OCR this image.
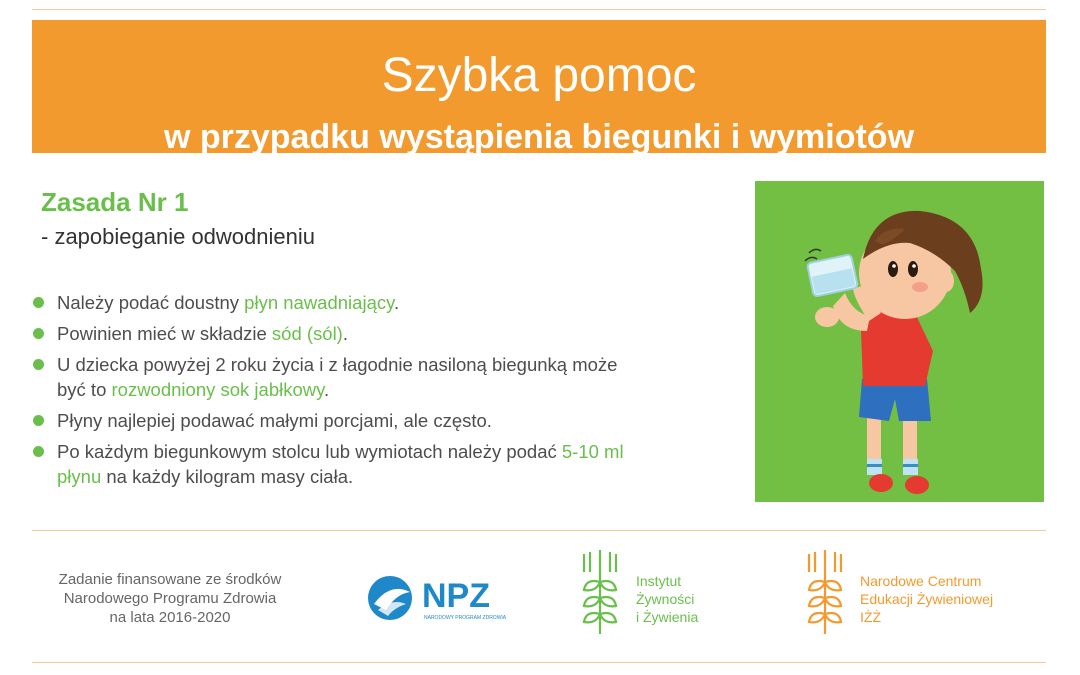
Szybka pomoc
w przypadku wystąpienia biegunki i wymiotów
Zasada Nr 1
- zapobieganie odwodnieniu
Należy podać doustny płyn nawadniający.
Powinien mieć w składzie sód (sól).
U dziecka powyżej 2 roku życia i z łagodnie nasiloną biegunką może być to rozwodniony sok jabłkowy.
Płyny najlepiej podawać małymi porcjami, ale często.
Po każdym biegunkowym stolcu lub wymiotach należy podać 5-10 ml płynu na każdy kilogram masy ciała.
Zadanie finansowane ze środków
Narodowego Programu Zdrowia
na lata 2016-2020
NPZ
NARODOWY PROGRAM ZDROWIA
Instytut
Żywności
i Żywienia
Narodowe Centrum
Edukacji Żywieniowej
IŻŻ
